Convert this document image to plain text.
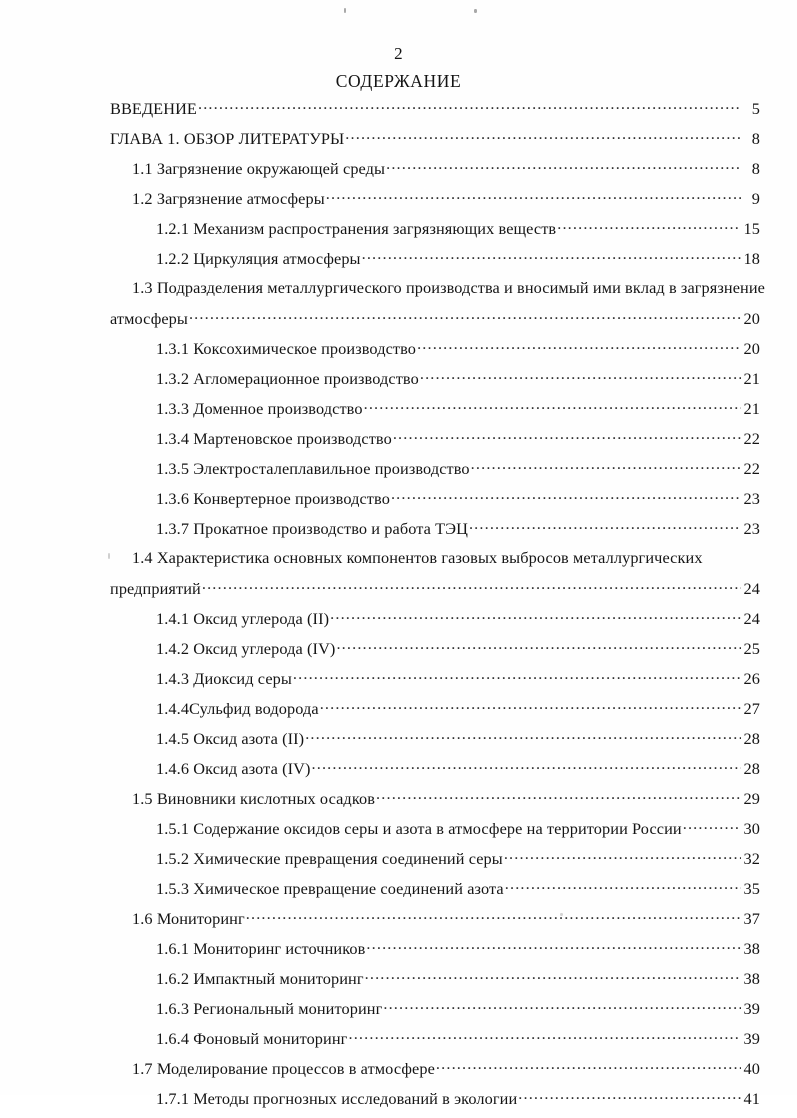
2
СОДЕРЖАНИЕ
ВВЕДЕНИЕ .....	5
ГЛАВА 1. ОБЗОР ЛИТЕРАТУРЫ .....	8
1.1 Загрязнение окружающей среды .....	8
1.2 Загрязнение атмосферы .....	9
1.2.1 Механизм распространения загрязняющих веществ .....	15
1.2.2 Циркуляция атмосферы .....	18
1.3 Подразделения металлургического производства и вносимый ими вклад в загрязнение
атмосферы .....	20
1.3.1 Коксохимическое производство .....	20
1.3.2 Агломерационное производство .....	21
1.3.3 Доменное производство .....	21
1.3.4 Мартеновское производство .....	22
1.3.5 Электросталеплавильное производство .....	22
1.3.6 Конвертерное производство .....	23
1.3.7 Прокатное производство и работа ТЭЦ .....	23
1.4 Характеристика основных компонентов газовых выбросов металлургических
предприятий .....	24
1.4.1 Оксид углерода (II) .....	24
1.4.2 Оксид углерода (IV) .....	25
1.4.3 Диоксид серы .....	26
1.4.4Сульфид водорода .....	27
1.4.5 Оксид азота (II) .....	28
1.4.6 Оксид азота (IV) .....	28
1.5 Виновники кислотных осадков .....	29
1.5.1 Содержание оксидов серы и азота в атмосфере на территории России .....	30
1.5.2 Химические превращения соединений серы .....	32
1.5.3 Химическое превращение соединений азота .....	35
1.6 Мониторинг .....	37
1.6.1 Мониторинг источников .....	38
1.6.2 Импактный мониторинг .....	38
1.6.3 Региональный мониторинг .....	39
1.6.4 Фоновый мониторинг .....	39
1.7 Моделирование процессов в атмосфере .....	40
1.7.1 Методы прогнозных исследований в экологии .....	41
